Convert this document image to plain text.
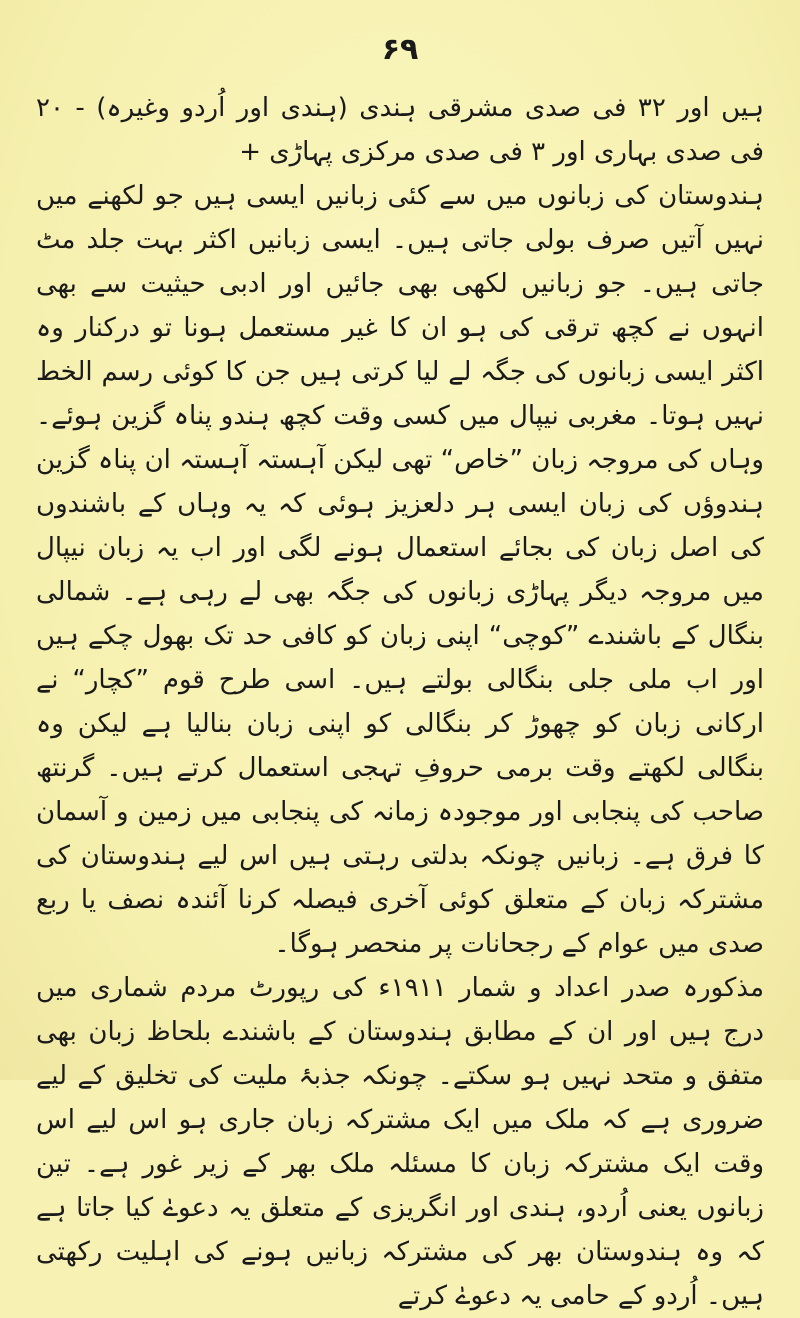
۶۹

ہیں اور ۳۲ فی صدی مشرقی ہندی (ہندی اور اُردو وغیرہ) - ۲۰ فی صدی بہاری اور ۳ فی صدی مرکزی پہاڑی +

ہندوستان کی زبانوں میں سے کئی زبانیں ایسی ہیں جو لکھنے میں نہیں آتیں صرف بولی جاتی ہیں۔ ایسی زبانیں اکثر بہت جلد مٹ جاتی ہیں۔ جو زبانیں لکھی بھی جائیں اور ادبی حیثیت سے بھی انہوں نے کچھ ترقی کی ہو ان کا غیر مستعمل ہونا تو درکنار وہ اکثر ایسی زبانوں کی جگہ لے لیا کرتی ہیں جن کا کوئی رسم الخط نہیں ہوتا۔ مغربی نیپال میں کسی وقت کچھ ہندو پناہ گزین ہوئے۔ وہاں کی مروجہ زبان ”خاص“ تھی لیکن آہستہ آہستہ ان پناہ گزین ہندوؤں کی زبان ایسی ہر دلعزیز ہوئی کہ یہ وہاں کے باشندوں کی اصل زبان کی بجائے استعمال ہونے لگی اور اب یہ زبان نیپال میں مروجہ دیگر پہاڑی زبانوں کی جگہ بھی لے رہی ہے۔ شمالی بنگال کے باشندے ”کوچی“ اپنی زبان کو کافی حد تک بھول چکے ہیں اور اب ملی جلی بنگالی بولتے ہیں۔ اسی طرح قوم ”کچار“ نے ارکانی زبان کو چھوڑ کر بنگالی کو اپنی زبان بنالیا ہے لیکن وہ بنگالی لکھتے وقت برمی حروفِ تہجی استعمال کرتے ہیں۔ گرنتھ صاحب کی پنجابی اور موجودہ زمانہ کی پنجابی میں زمین و آسمان کا فرق ہے۔ زبانیں چونکہ بدلتی رہتی ہیں اس لیے ہندوستان کی مشترکہ زبان کے متعلق کوئی آخری فیصلہ کرنا آئندہ نصف یا ربع صدی میں عوام کے رجحانات پر منحصر ہوگا۔

مذکورہ صدر اعداد و شمار ۱۹۱۱ء کی رپورٹ مردم شماری میں درج ہیں اور ان کے مطابق ہندوستان کے باشندے بلحاظ زبان بھی متفق و متحد نہیں ہو سکتے۔ چونکہ جذبۂ ملیت کی تخلیق کے لیے ضروری ہے کہ ملک میں ایک مشترکہ زبان جاری ہو اس لیے اس وقت ایک مشترکہ زبان کا مسئلہ ملک بھر کے زیر غور ہے۔ تین زبانوں یعنی اُردو، ہندی اور انگریزی کے متعلق یہ دعوےٰ کیا جاتا ہے کہ وہ ہندوستان بھر کی مشترکہ زبانیں ہونے کی اہلیت رکھتی ہیں۔ اُردو کے حامی یہ دعوےٰ کرتے
